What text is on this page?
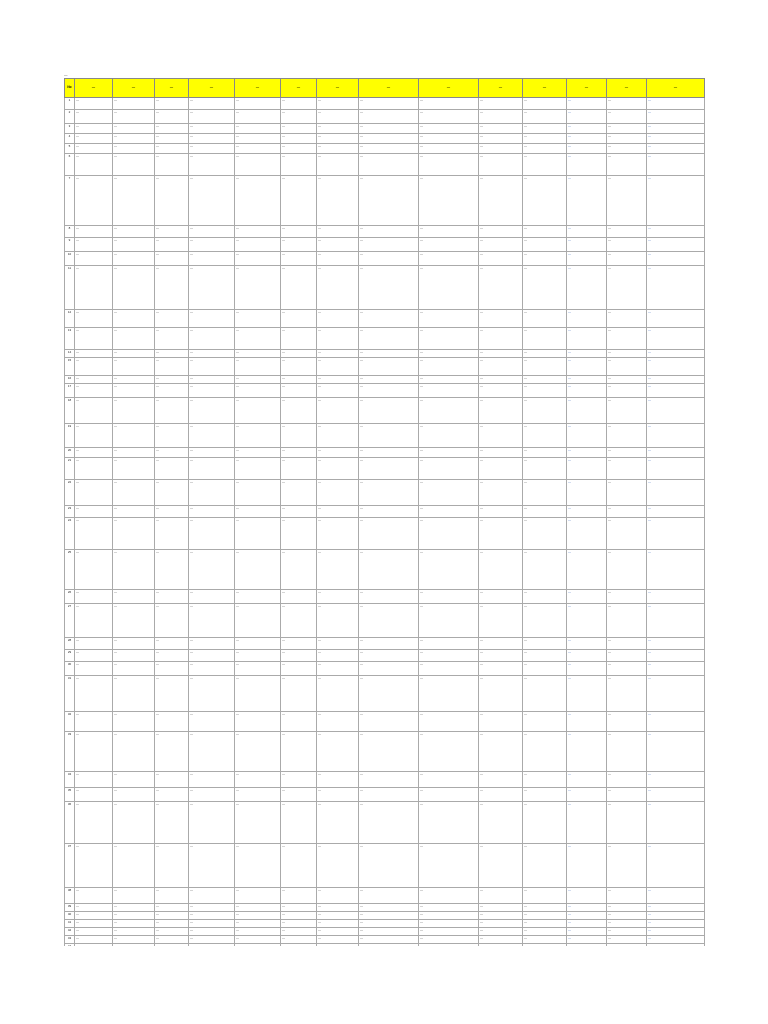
—
No	—	—	—	—	—	—	—	—	—	—	—	—	—	—
1	—	—	—	—	—	—	—	—	—	—	—	—	—	—
2	—	—	—	—	—	—	—	—	—	—	—	—	—	—
3	—	—	—	—	—	—	—	—	—	—	—	—	—	—
4	—	—	—	—	—	—	—	—	—	—	—	—	—	—
5	—	—	—	—	—	—	—	—	—	—	—	—	—	—
6	—	—	—	—	—	—	—	—	—	—	—	—	—	—
7	—	—	—	—	—	—	—	—	—	—	—	—	—	—
8	—	—	—	—	—	—	—	—	—	—	—	—	—	—
9	—	—	—	—	—	—	—	—	—	—	—	—	—	—
10	—	—	—	—	—	—	—	—	—	—	—	—	—	—
11	—	—	—	—	—	—	—	—	—	—	—	—	—	—
12	—	—	—	—	—	—	—	—	—	—	—	—	—	—
13	—	—	—	—	—	—	—	—	—	—	—	—	—	—
14	—	—	—	—	—	—	—	—	—	—	—	—	—	—
15	—	—	—	—	—	—	—	—	—	—	—	—	—	—
16	—	—	—	—	—	—	—	—	—	—	—	—	—	—
17	—	—	—	—	—	—	—	—	—	—	—	—	—	—
18	—	—	—	—	—	—	—	—	—	—	—	—	—	—
19	—	—	—	—	—	—	—	—	—	—	—	—	—	—
20	—	—	—	—	—	—	—	—	—	—	—	—	—	—
21	—	—	—	—	—	—	—	—	—	—	—	—	—	—
22	—	—	—	—	—	—	—	—	—	—	—	—	—	—
23	—	—	—	—	—	—	—	—	—	—	—	—	—	—
24	—	—	—	—	—	—	—	—	—	—	—	—	—	—
25	—	—	—	—	—	—	—	—	—	—	—	—	—	—
26	—	—	—	—	—	—	—	—	—	—	—	—	—	—
27	—	—	—	—	—	—	—	—	—	—	—	—	—	—
28	—	—	—	—	—	—	—	—	—	—	—	—	—	—
29	—	—	—	—	—	—	—	—	—	—	—	—	—	—
30	—	—	—	—	—	—	—	—	—	—	—	—	—	—
31	—	—	—	—	—	—	—	—	—	—	—	—	—	—
32	—	—	—	—	—	—	—	—	—	—	—	—	—	—
33	—	—	—	—	—	—	—	—	—	—	—	—	—	—
34	—	—	—	—	—	—	—	—	—	—	—	—	—	—
35	—	—	—	—	—	—	—	—	—	—	—	—	—	—
36	—	—	—	—	—	—	—	—	—	—	—	—	—	—
37	—	—	—	—	—	—	—	—	—	—	—	—	—	—
38	—	—	—	—	—	—	—	—	—	—	—	—	—	—
39	—	—	—	—	—	—	—	—	—	—	—	—	—	—
40	—	—	—	—	—	—	—	—	—	—	—	—	—	—
41	—	—	—	—	—	—	—	—	—	—	—	—	—	—
42	—	—	—	—	—	—	—	—	—	—	—	—	—	—
43	—	—	—	—	—	—	—	—	—	—	—	—	—	—
